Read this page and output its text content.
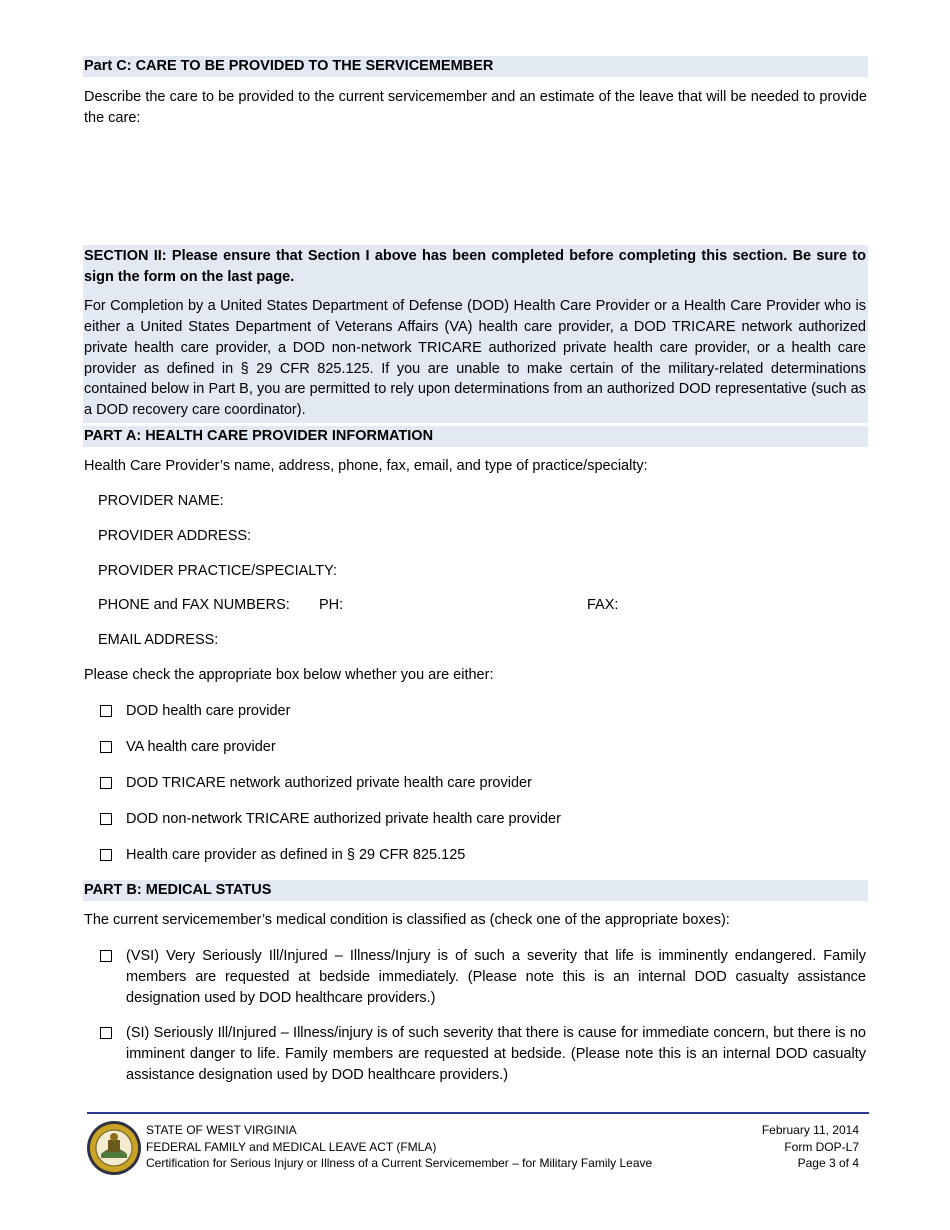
Part C: CARE TO BE PROVIDED TO THE SERVICEMEMBER
Describe the care to be provided to the current servicemember and an estimate of the leave that will be needed to provide the care:
SECTION II: Please ensure that Section I above has been completed before completing this section. Be sure to sign the form on the last page.
For Completion by a United States Department of Defense (DOD) Health Care Provider or a Health Care Provider who is either a United States Department of Veterans Affairs (VA) health care provider, a DOD TRICARE network authorized private health care provider, a DOD non-network TRICARE authorized private health care provider, or a health care provider as defined in § 29 CFR 825.125. If you are unable to make certain of the military-related determinations contained below in Part B, you are permitted to rely upon determinations from an authorized DOD representative (such as a DOD recovery care coordinator).
PART A: HEALTH CARE PROVIDER INFORMATION
Health Care Provider’s name, address, phone, fax, email, and type of practice/specialty:
PROVIDER NAME:
PROVIDER ADDRESS:
PROVIDER PRACTICE/SPECIALTY:
PHONE and FAX NUMBERS: PH:	FAX:
EMAIL ADDRESS:
Please check the appropriate box below whether you are either:
DOD health care provider
VA health care provider
DOD TRICARE network authorized private health care provider
DOD non-network TRICARE authorized private health care provider
Health care provider as defined in § 29 CFR 825.125
PART B: MEDICAL STATUS
The current servicemember’s medical condition is classified as (check one of the appropriate boxes):
(VSI) Very Seriously Ill/Injured – Illness/Injury is of such a severity that life is imminently endangered. Family members are requested at bedside immediately. (Please note this is an internal DOD casualty assistance designation used by DOD healthcare providers.)
(SI) Seriously Ill/Injured – Illness/injury is of such severity that there is cause for immediate concern, but there is no imminent danger to life. Family members are requested at bedside. (Please note this is an internal DOD casualty assistance designation used by DOD healthcare providers.)
STATE OF WEST VIRGINIA
FEDERAL FAMILY and MEDICAL LEAVE ACT (FMLA)
Certification for Serious Injury or Illness of a Current Servicemember – for Military Family Leave
February 11, 2014
Form DOP-L7
Page 3 of 4
